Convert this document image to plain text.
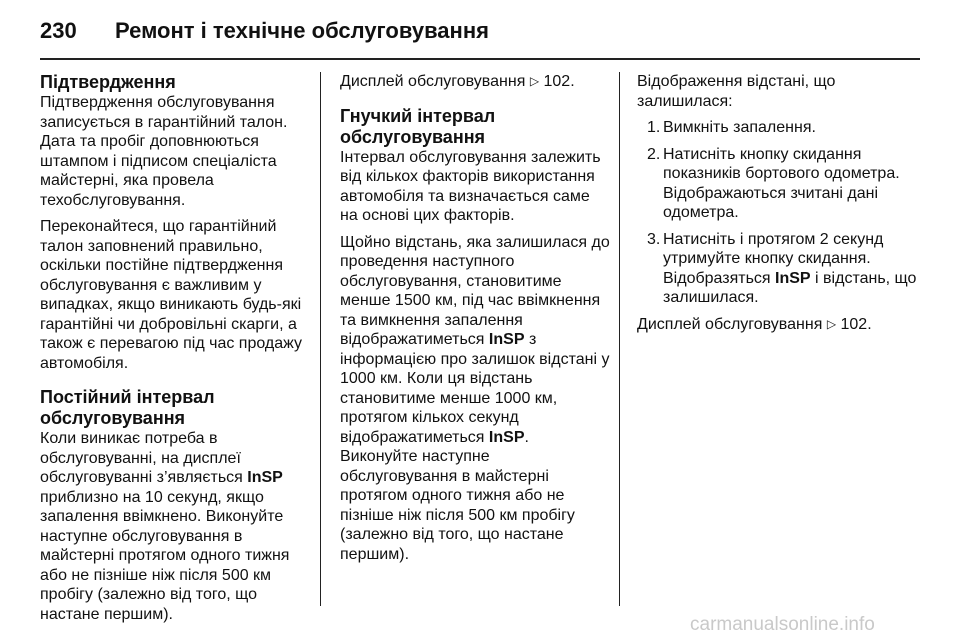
230 Ремонт і технічне обслуговування
Підтвердження

Підтвердження обслуговування записується в гарантійний талон. Дата та пробіг доповнюються штампом і підписом спеціаліста майстерні, яка провела техобслуговування.

Переконайтеся, що гарантійний талон заповнений правильно, оскільки постійне підтвердження обслуговування є важливим у випадках, якщо виникають будь-які гарантійні чи добровільні скарги, а також є перевагою під час продажу автомобіля.

Постійний інтервал обслуговування

Коли виникає потреба в обслуговуванні, на дисплеї обслуговуванні з’являється InSP приблизно на 10 секунд, якщо запалення ввімкнено. Виконуйте наступне обслуговування в майстерні протягом одного тижня або не пізніше ніж після 500 км пробігу (залежно від того, що настане першим).

Дисплей обслуговування ▷ 102.

Гнучкий інтервал обслуговування

Інтервал обслуговування залежить від кількох факторів використання автомобіля та визначається саме на основі цих факторів.

Щойно відстань, яка залишилася до проведення наступного обслуговування, становитиме менше 1500 км, під час ввімкнення та вимкнення запалення відображатиметься InSP з інформацією про залишок відстані у 1000 км. Коли ця відстань становитиме менше 1000 км, протягом кількох секунд відображатиметься InSP.
Виконуйте наступне обслуговування в майстерні протягом одного тижня або не пізніше ніж після 500 км пробігу (залежно від того, що настане першим).

Відображення відстані, що залишилася:

1. Вимкніть запалення.
2. Натисніть кнопку скидання показників бортового одометра. Відображаються зчитані дані одометра.
3. Натисніть і протягом 2 секунд утримуйте кнопку скидання. Відобразяться InSP і відстань, що залишилася.

Дисплей обслуговування ▷ 102.

carmanualsonline.info
